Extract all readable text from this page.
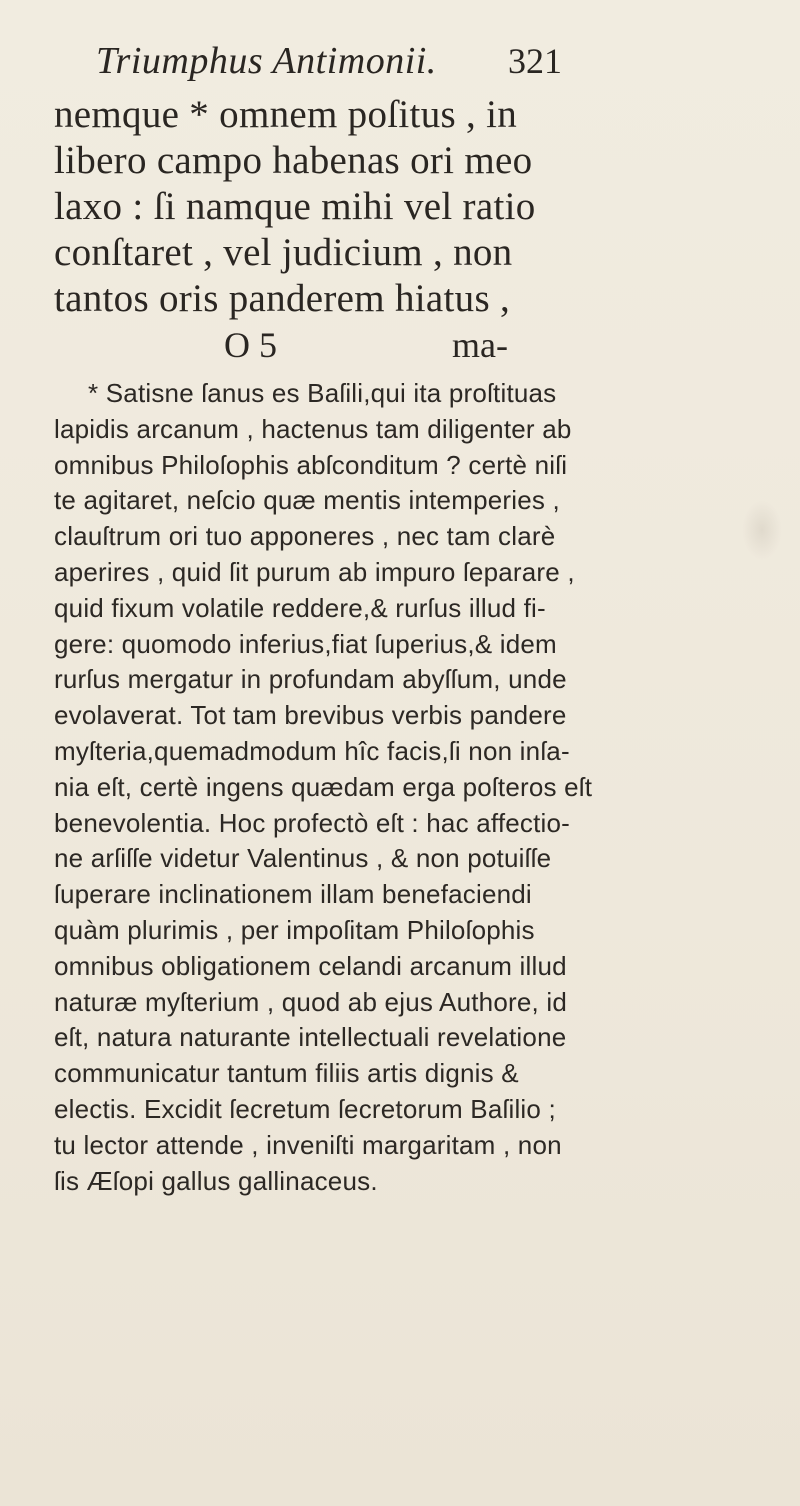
Triumphus Antimonii. 321
nemque * omnem poſitus , in
libero campo habenas ori meo
laxo : ſi namque mihi vel ratio
conſtaret , vel judicium , non
tantos oris panderem hiatus ,
O 5	ma-
* Satisne ſanus es Baſili,qui ita proſtituas
lapidis arcanum , hactenus tam diligenter ab
omnibus Philoſophis abſconditum ? certè niſi
te agitaret, neſcio quæ mentis intemperies ,
clauſtrum ori tuo apponeres , nec tam clarè
aperires , quid ſit purum ab impuro ſeparare ,
quid fixum volatile reddere,& rurſus illud fi-
gere: quomodo inferius,fiat ſuperius,& idem
rurſus mergatur in profundam abyſſum, unde
evolaverat. Tot tam brevibus verbis pandere
myſteria,quemadmodum hîc facis,ſi non inſa-
nia eſt, certè ingens quædam erga poſteros eſt
benevolentia. Hoc profectò eſt : hac affectio-
ne arſiſſe videtur Valentinus , & non potuiſſe
ſuperare inclinationem illam benefaciendi
quàm plurimis , per impoſitam Philoſophis
omnibus obligationem celandi arcanum illud
naturæ myſterium , quod ab ejus Authore, id
eſt, natura naturante intellectuali revelatione
communicatur tantum filiis artis dignis &
electis. Excidit ſecretum ſecretorum Baſilio ;
tu lector attende , inveniſti margaritam , non
ſis Æſopi gallus gallinaceus.
